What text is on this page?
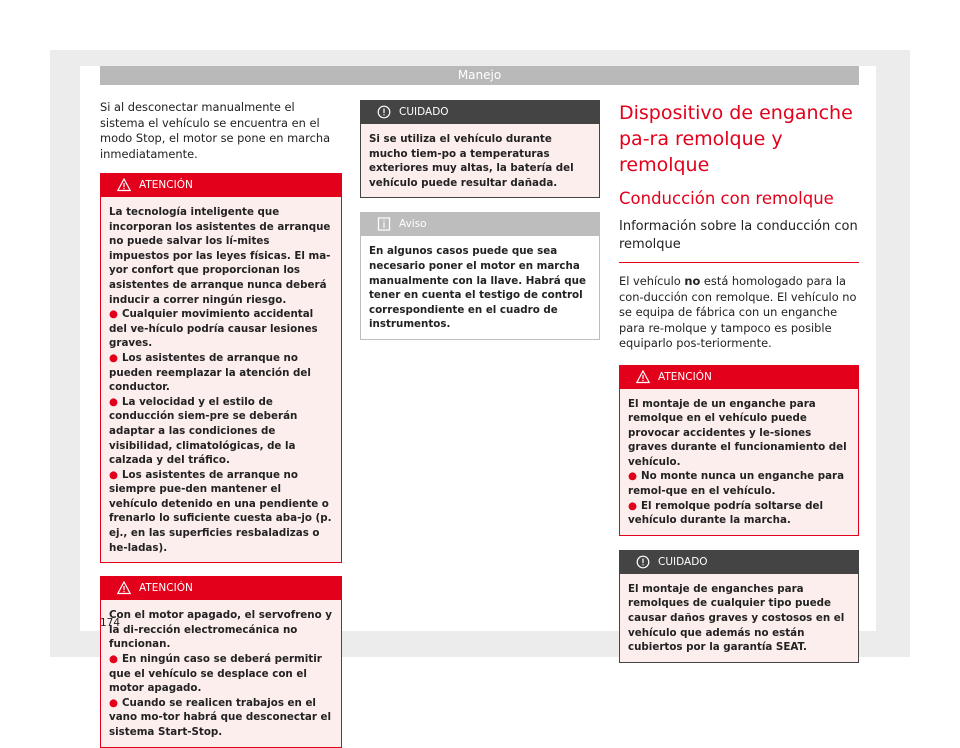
Manejo

Si al desconectar manualmente el sistema el vehículo se encuentra en el modo Stop, el motor se pone en marcha inmediatamente.

ATENCIÓN
La tecnología inteligente que incorporan los asistentes de arranque no puede salvar los lí-mites impuestos por las leyes físicas. El ma-yor confort que proporcionan los asistentes de arranque nunca deberá inducir a correr ningún riesgo.
● Cualquier movimiento accidental del ve-hículo podría causar lesiones graves.
● Los asistentes de arranque no pueden reemplazar la atención del conductor.
● La velocidad y el estilo de conducción siem-pre se deberán adaptar a las condiciones de visibilidad, climatológicas, de la calzada y del tráfico.
● Los asistentes de arranque no siempre pue-den mantener el vehículo detenido en una pendiente o frenarlo lo suficiente cuesta aba-jo (p. ej., en las superficies resbaladizas o he-ladas).
ATENCIÓN
Con el motor apagado, el servofreno y la di-rección electromecánica no funcionan.
● En ningún caso se deberá permitir que el vehículo se desplace con el motor apagado.
● Cuando se realicen trabajos en el vano mo-tor habrá que desconectar el sistema Start-Stop.
CUIDADO
Si se utiliza el vehículo durante mucho tiem-po a temperaturas exteriores muy altas, la batería del vehículo puede resultar dañada.
Aviso
En algunos casos puede que sea necesario poner el motor en marcha manualmente con la llave. Habrá que tener en cuenta el testigo de control correspondiente en el cuadro de instrumentos.
Dispositivo de enganche pa-ra remolque y remolque
Conducción con remolque
Información sobre la conducción con remolque

El vehículo no está homologado para la con-ducción con remolque. El vehículo no se equipa de fábrica con un enganche para re-molque y tampoco es posible equiparlo pos-teriormente.

ATENCIÓN
El montaje de un enganche para remolque en el vehículo puede provocar accidentes y le-siones graves durante el funcionamiento del vehículo.
● No monte nunca un enganche para remol-que en el vehículo.
● El remolque podría soltarse del vehículo durante la marcha.
CUIDADO
El montaje de enganches para remolques de cualquier tipo puede causar daños graves y costosos en el vehículo que además no están cubiertos por la garantía SEAT.
174
